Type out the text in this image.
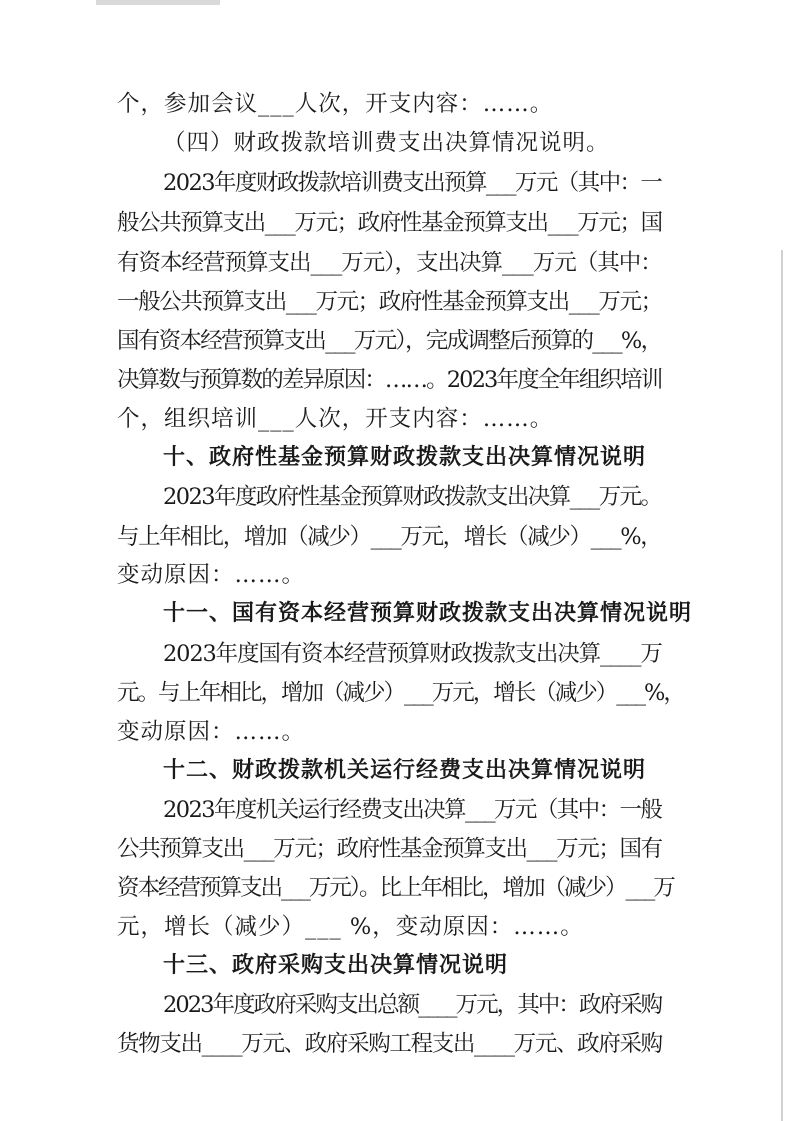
个，参加会议___人次，开支内容：……。
（四）财政拨款培训费支出决算情况说明。
2023年度财政拨款培训费支出预算___万元（其中：一
般公共预算支出___万元；政府性基金预算支出___万元；国
有资本经营预算支出___万元），支出决算___万元（其中：
一般公共预算支出___万元；政府性基金预算支出___万元；
国有资本经营预算支出___万元），完成调整后预算的___%，
决算数与预算数的差异原因：……。2023年度全年组织培训
个，组织培训___人次，开支内容：……。
十、政府性基金预算财政拨款支出决算情况说明
2023年度政府性基金预算财政拨款支出决算___万元。
与上年相比，增加（减少）___万元，增长（减少）___%，
变动原因：……。
十一、国有资本经营预算财政拨款支出决算情况说明
2023年度国有资本经营预算财政拨款支出决算____万
元。与上年相比，增加（减少）___万元，增长（减少）___%，
变动原因：……。
十二、财政拨款机关运行经费支出决算情况说明
2023年度机关运行经费支出决算___万元（其中：一般
公共预算支出___万元；政府性基金预算支出___万元；国有
资本经营预算支出___万元）。比上年相比，增加（减少）___万
元，增长（减少）___ %，变动原因：……。
十三、政府采购支出决算情况说明
2023年度政府采购支出总额____万元，其中：政府采购
货物支出____万元、政府采购工程支出____万元、政府采购
